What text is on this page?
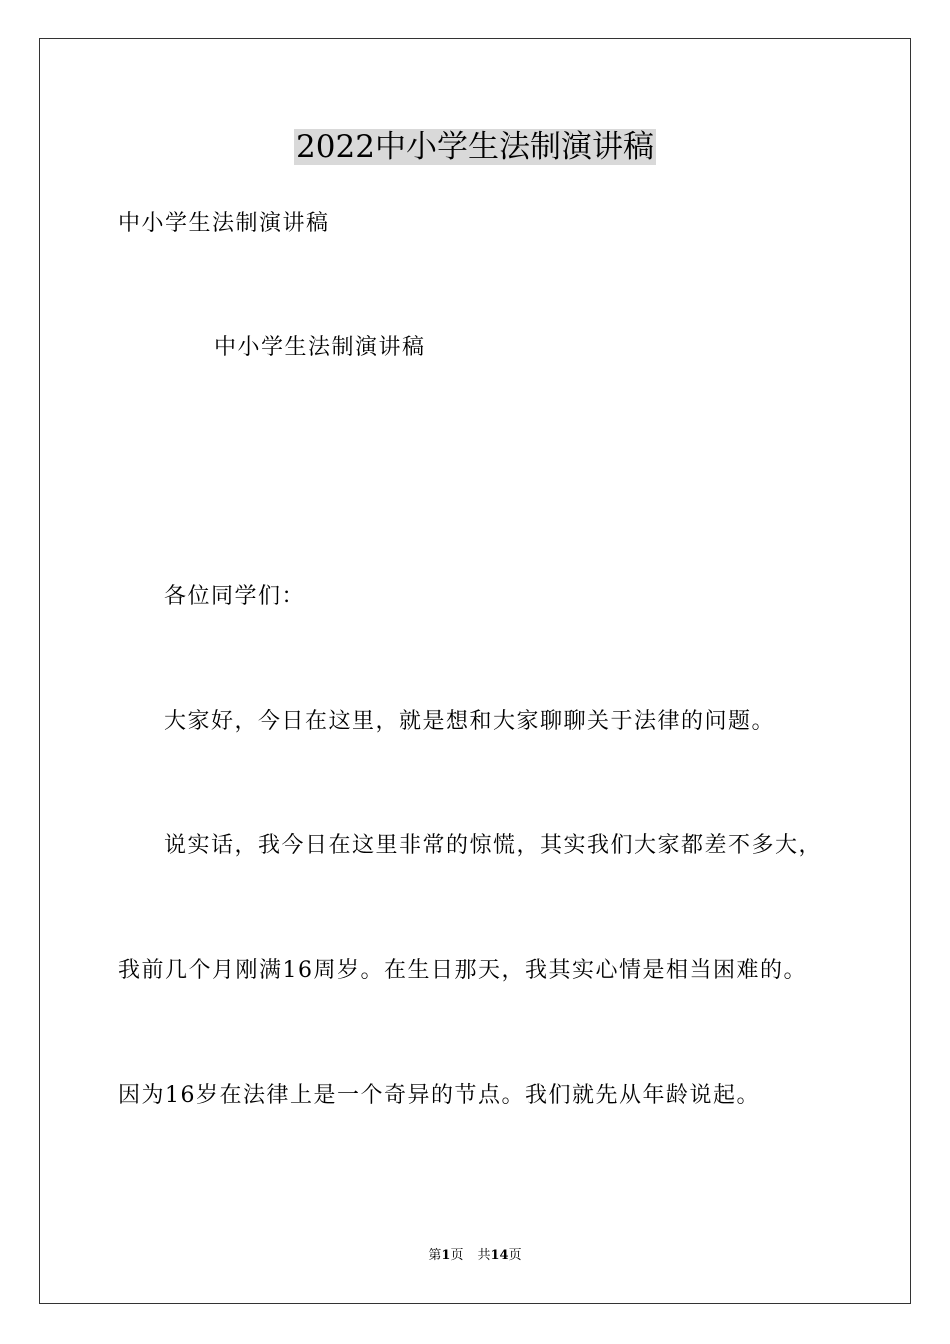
2022中小学生法制演讲稿
中小学生法制演讲稿
中小学生法制演讲稿
各位同学们：
大家好，今日在这里，就是想和大家聊聊关于法律的问题。
说实话，我今日在这里非常的惊慌，其实我们大家都差不多大，
我前几个月刚满16周岁。在生日那天，我其实心情是相当困难的。
因为16岁在法律上是一个奇异的节点。我们就先从年龄说起。
第1页 共14页
